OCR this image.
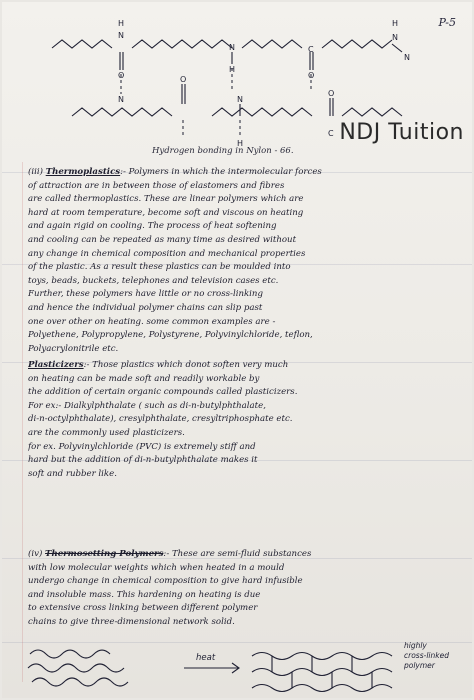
P-5
H
N
O
N
N
H
O
C
H
N
O
N
H
O
C
N
NDJ Tuition
Hydrogen bonding in Nylon - 66.
(iii) Thermoplastics:- Polymers in which the intermolecular forces
of attraction are in between those of elastomers and fibres
are called thermoplastics. These are linear polymers which are
hard at room temperature, become soft and viscous on heating
and again rigid on cooling. The process of heat softening
and cooling can be repeated as many time as desired without
any change in chemical composition and mechanical properties
of the plastic. As a result these plastics can be moulded into
toys, beads, buckets, telephones and television cases etc.
Further, these polymers have little or no cross-linking
and hence the individual polymer chains can slip past
one over other on heating. some common examples are -
Polyethene, Polypropylene, Polystyrene, Polyvinylchloride, teflon,
Polyacrylonitrile etc.
Plasticizers:- Those plastics which donot soften very much
on heating can be made soft and readily workable by
the addition of certain organic compounds called plasticizers.
For ex:- Dialkylphthalate ( such as di-n-butylphthalate,
di-n-octylphthalate), cresylphthalate, cresyltriphosphate etc.
are the commonly used plasticizers.
for ex. Polyvinylchloride (PVC) is extremely stiff and
hard but the addition of di-n-butylphthalate makes it
soft and rubber like.
(iv) Thermosetting Polymers:- These are semi-fluid substances
with low molecular weights which when heated in a mould
undergo change in chemical composition to give hard infusible
and insoluble mass. This hardening on heating is due
to extensive cross linking between different polymer
chains to give three-dimensional network solid.
heat
highly cross-linked polymer
